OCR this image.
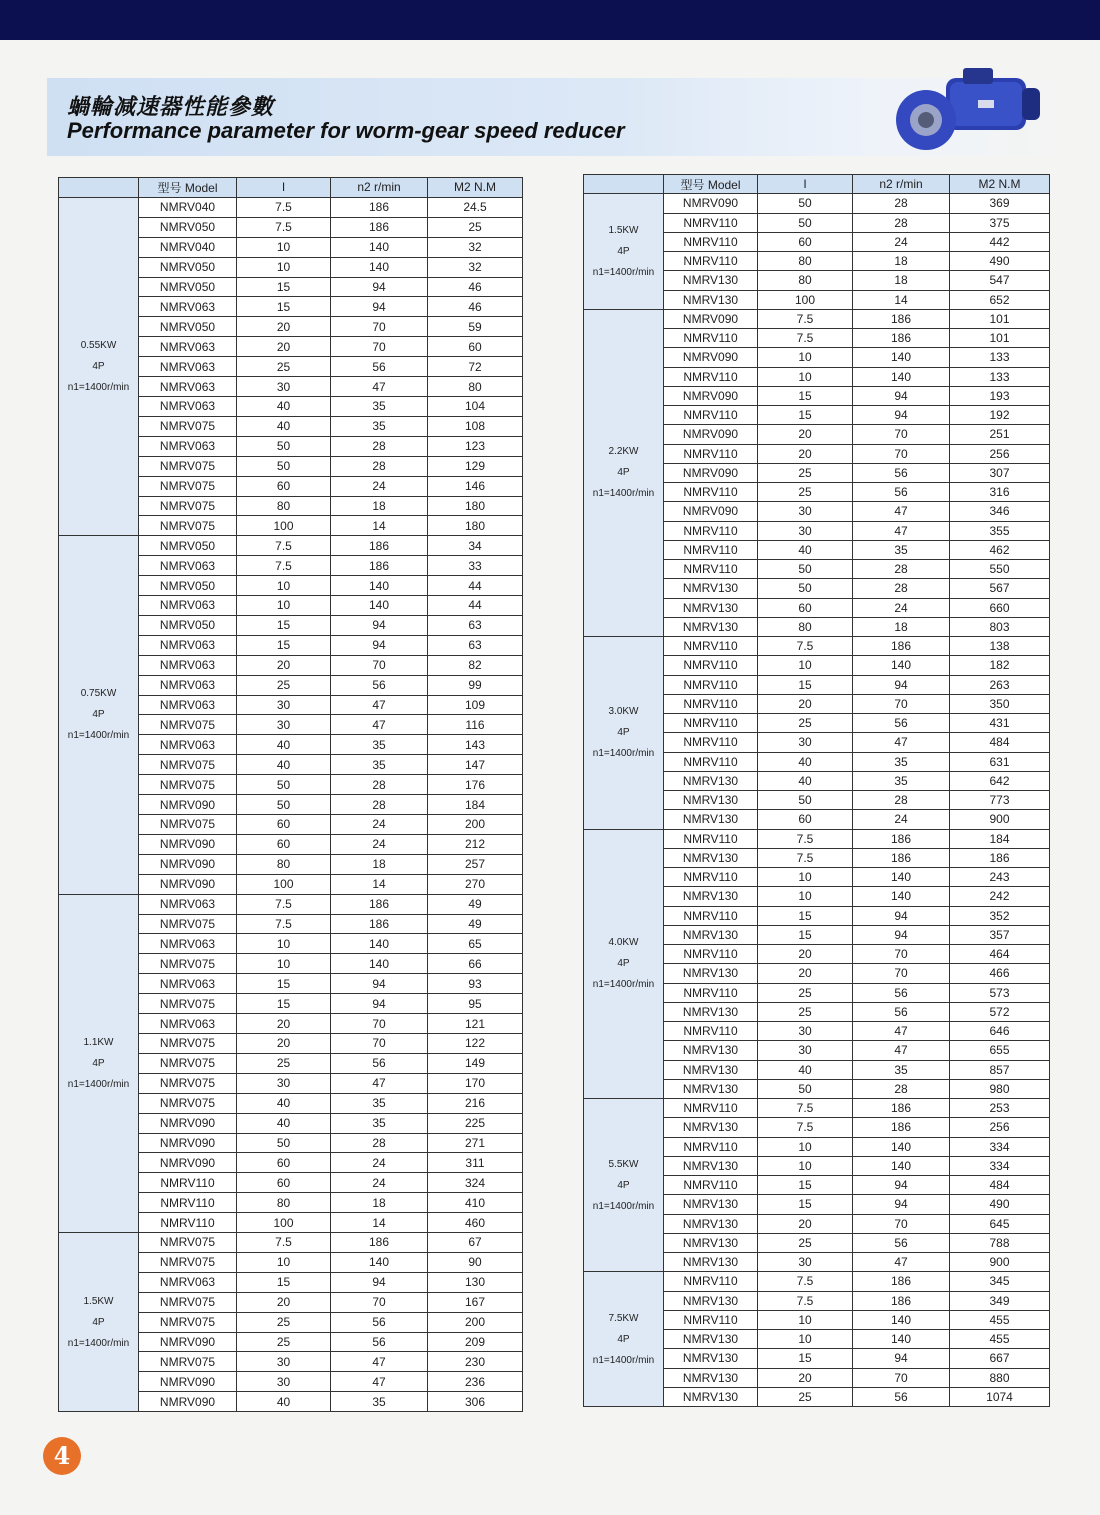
蝸輪减速器性能參數
Performance parameter for worm-gear speed reducer
	型号 Model	I	n2 r/min	M2 N.M

0.55KW
4P
n1=1400r/min	NMRV040	7.5	186	24.5
	NMRV050	7.5	186	25
	NMRV040	10	140	32
	NMRV050	10	140	32
	NMRV050	15	94	46
	NMRV063	15	94	46
	NMRV050	20	70	59
	NMRV063	20	70	60
	NMRV063	25	56	72
	NMRV063	30	47	80
	NMRV063	40	35	104
	NMRV075	40	35	108
	NMRV063	50	28	123
	NMRV075	50	28	129
	NMRV075	60	24	146
	NMRV075	80	18	180
	NMRV075	100	14	180

0.75KW
4P
n1=1400r/min	NMRV050	7.5	186	34
	NMRV063	7.5	186	33
	NMRV050	10	140	44
	NMRV063	10	140	44
	NMRV050	15	94	63
	NMRV063	15	94	63
	NMRV063	20	70	82
	NMRV063	25	56	99
	NMRV063	30	47	109
	NMRV075	30	47	116
	NMRV063	40	35	143
	NMRV075	40	35	147
	NMRV075	50	28	176
	NMRV090	50	28	184
	NMRV075	60	24	200
	NMRV090	60	24	212
	NMRV090	80	18	257
	NMRV090	100	14	270

1.1KW
4P
n1=1400r/min	NMRV063	7.5	186	49
	NMRV075	7.5	186	49
	NMRV063	10	140	65
	NMRV075	10	140	66
	NMRV063	15	94	93
	NMRV075	15	94	95
	NMRV063	20	70	121
	NMRV075	20	70	122
	NMRV075	25	56	149
	NMRV075	30	47	170
	NMRV075	40	35	216
	NMRV090	40	35	225
	NMRV090	50	28	271
	NMRV090	60	24	311
	NMRV110	60	24	324
	NMRV110	80	18	410
	NMRV110	100	14	460

1.5KW
4P
n1=1400r/min	NMRV075	7.5	186	67
	NMRV075	10	140	90
	NMRV063	15	94	130
	NMRV075	20	70	167
	NMRV075	25	56	200
	NMRV090	25	56	209
	NMRV075	30	47	230
	NMRV090	30	47	236
	NMRV090	40	35	306
	型号 Model	I	n2 r/min	M2 N.M

1.5KW
4P
n1=1400r/min	NMRV090	50	28	369
	NMRV110	50	28	375
	NMRV110	60	24	442
	NMRV110	80	18	490
	NMRV130	80	18	547
	NMRV130	100	14	652

2.2KW
4P
n1=1400r/min	NMRV090	7.5	186	101
	NMRV110	7.5	186	101
	NMRV090	10	140	133
	NMRV110	10	140	133
	NMRV090	15	94	193
	NMRV110	15	94	192
	NMRV090	20	70	251
	NMRV110	20	70	256
	NMRV090	25	56	307
	NMRV110	25	56	316
	NMRV090	30	47	346
	NMRV110	30	47	355
	NMRV110	40	35	462
	NMRV110	50	28	550
	NMRV130	50	28	567
	NMRV130	60	24	660
	NMRV130	80	18	803

3.0KW
4P
n1=1400r/min	NMRV110	7.5	186	138
	NMRV110	10	140	182
	NMRV110	15	94	263
	NMRV110	20	70	350
	NMRV110	25	56	431
	NMRV110	30	47	484
	NMRV110	40	35	631
	NMRV130	40	35	642
	NMRV130	50	28	773
	NMRV130	60	24	900

4.0KW
4P
n1=1400r/min	NMRV110	7.5	186	184
	NMRV130	7.5	186	186
	NMRV110	10	140	243
	NMRV130	10	140	242
	NMRV110	15	94	352
	NMRV130	15	94	357
	NMRV110	20	70	464
	NMRV130	20	70	466
	NMRV110	25	56	573
	NMRV130	25	56	572
	NMRV110	30	47	646
	NMRV130	30	47	655
	NMRV130	40	35	857
	NMRV130	50	28	980

5.5KW
4P
n1=1400r/min	NMRV110	7.5	186	253
	NMRV130	7.5	186	256
	NMRV110	10	140	334
	NMRV130	10	140	334
	NMRV110	15	94	484
	NMRV130	15	94	490
	NMRV130	20	70	645
	NMRV130	25	56	788
	NMRV130	30	47	900

7.5KW
4P
n1=1400r/min	NMRV110	7.5	186	345
	NMRV130	7.5	186	349
	NMRV110	10	140	455
	NMRV130	10	140	455
	NMRV130	15	94	667
	NMRV130	20	70	880
	NMRV130	25	56	1074
4
